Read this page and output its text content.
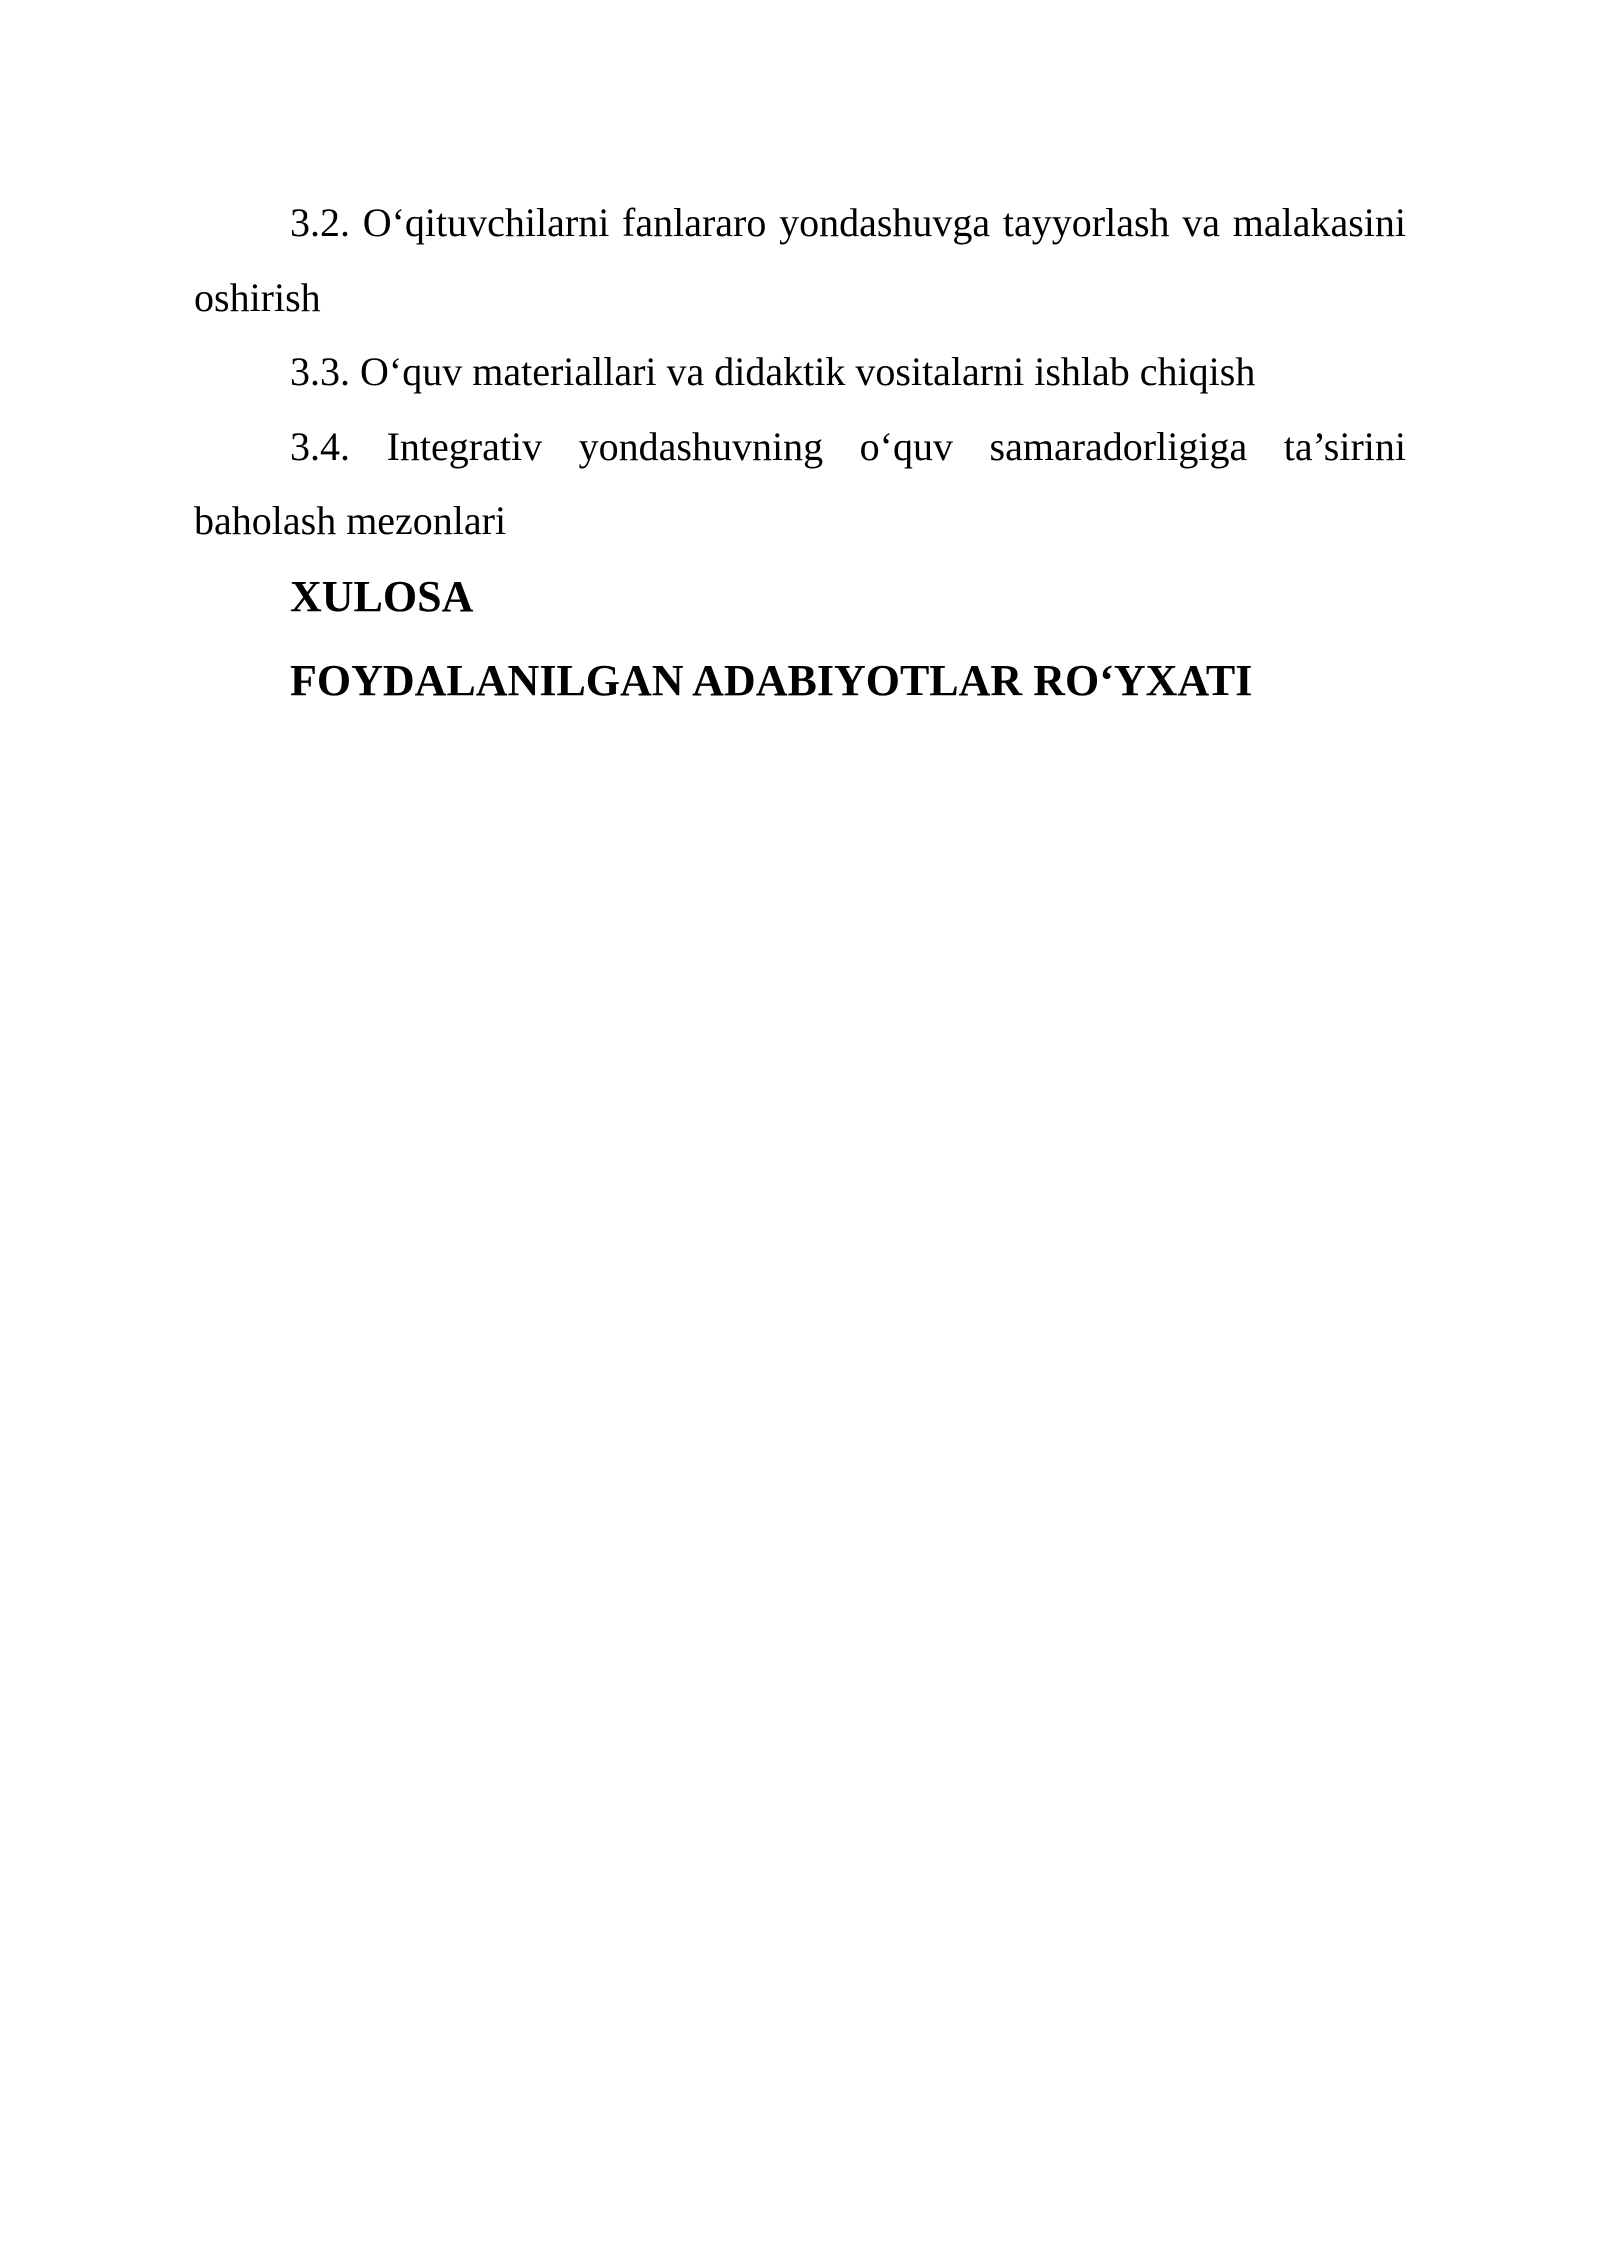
3.2. O‘qituvchilarni fanlararo yondashuvga tayyorlash va malakasini oshirish

3.3. O‘quv materiallari va didaktik vositalarni ishlab chiqish

3.4. Integrativ yondashuvning o‘quv samaradorligiga ta’sirini baholash mezonlari

XULOSA

FOYDALANILGAN ADABIYOTLAR RO‘YXATI
